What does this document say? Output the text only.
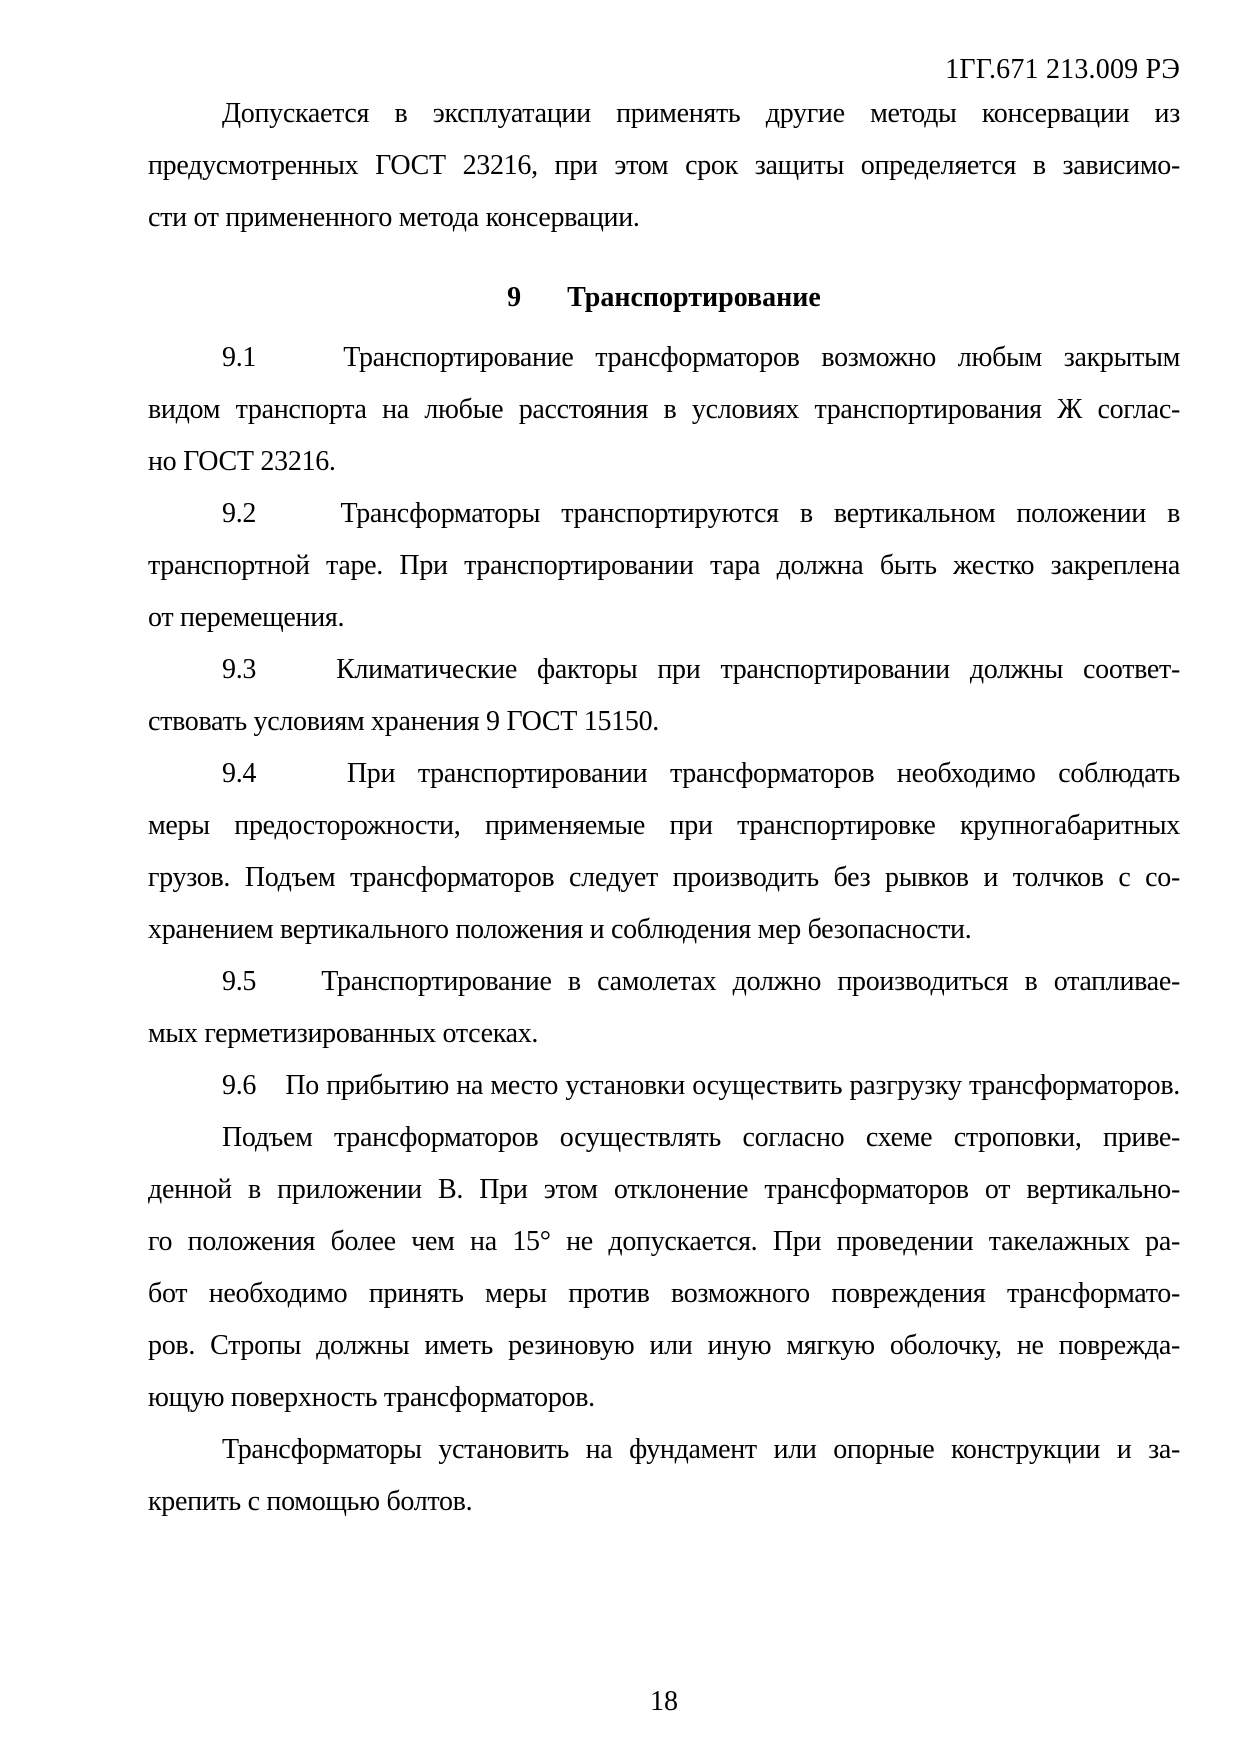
1ГГ.671 213.009 РЭ

Допускается в эксплуатации применять другие методы консервации из
предусмотренных ГОСТ 23216, при этом срок защиты определяется в зависимо-
сти от примененного метода консервации.

9 Транспортирование

9.1    Транспортирование трансформаторов возможно любым закрытым
видом транспорта на любые расстояния в условиях транспортирования Ж соглас-
но ГОСТ 23216.

9.2    Трансформаторы транспортируются в вертикальном положении в
транспортной таре. При транспортировании тара должна быть жестко закреплена
от перемещения.

9.3    Климатические факторы при транспортировании должны соответ-
ствовать условиям хранения 9 ГОСТ 15150.

9.4    При транспортировании трансформаторов необходимо соблюдать
меры предосторожности, применяемые при транспортировке крупногабаритных
грузов. Подъем трансформаторов следует производить без рывков и толчков с со-
хранением вертикального положения и соблюдения мер безопасности.

9.5    Транспортирование в самолетах должно производиться в отапливае-
мых герметизированных отсеках.

9.6    По прибытию на место установки осуществить разгрузку трансформаторов.

Подъем трансформаторов осуществлять согласно схеме строповки, приве-
денной в приложении В. При этом отклонение трансформаторов от вертикально-
го положения более чем на 15° не допускается. При проведении такелажных ра-
бот необходимо принять меры против возможного повреждения трансформато-
ров. Стропы должны иметь резиновую или иную мягкую оболочку, не поврежда-
ющую поверхность трансформаторов.

Трансформаторы установить на фундамент или опорные конструкции и за-
крепить с помощью болтов.

18
